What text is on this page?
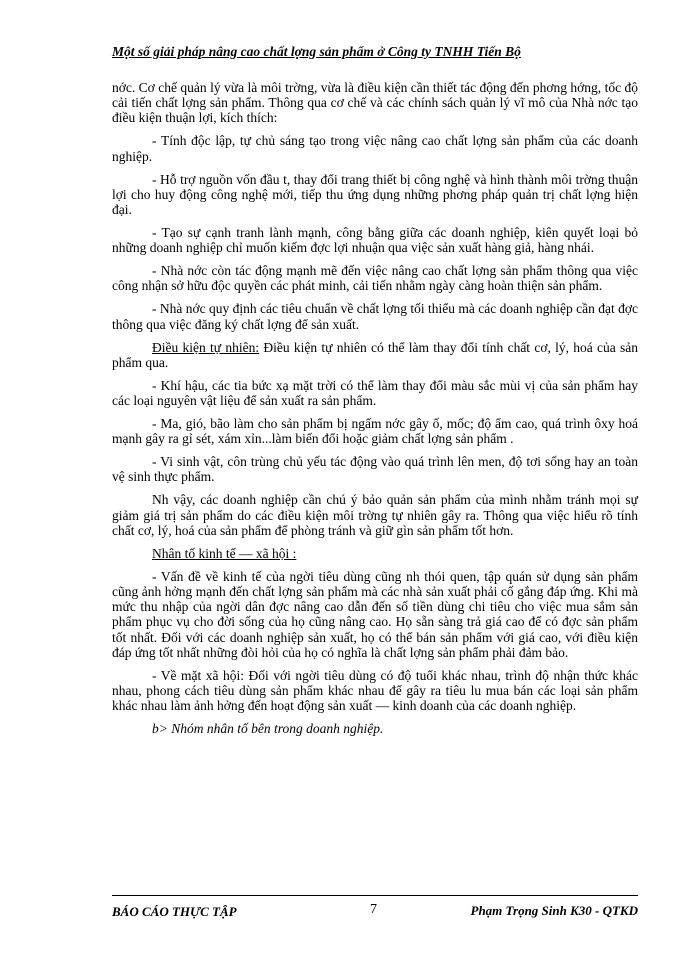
Một số giải pháp nâng cao chất lợng sản phẩm ở Công ty TNHH Tiến Bộ

nớc. Cơ chế quản lý vừa là môi trờng, vừa là điều kiện cần thiết tác động đến phơng hớng, tốc độ cải tiến chất lợng sản phẩm. Thông qua cơ chế và các chính sách quản lý vĩ mô của Nhà nớc tạo điều kiện thuận lợi, kích thích:

- Tính độc lập, tự chủ sáng tạo trong việc nâng cao chất lợng sản phẩm của các doanh nghiệp.

- Hỗ trợ nguồn vốn đầu t, thay đổi trang thiết bị công nghệ và hình thành môi trờng thuận lợi cho huy động công nghệ mới, tiếp thu ứng dụng những phơng pháp quản trị chất lợng hiện đại.

- Tạo sự cạnh tranh lành mạnh, công bằng giữa các doanh nghiệp, kiên quyết loại bỏ những doanh nghiệp chỉ muốn kiếm đợc lợi nhuận qua việc sản xuất hàng giả, hàng nhái.

- Nhà nớc còn tác động mạnh mẽ đến việc nâng cao chất lợng sản phẩm thông qua việc công nhận sở hữu độc quyền các phát minh, cải tiến nhằm ngày càng hoàn thiện sản phẩm.

- Nhà nớc quy định các tiêu chuẩn về chất lợng tối thiểu mà các doanh nghiệp cần đạt đợc thông qua việc đăng ký chất lợng để sản xuất.

Điều kiện tự nhiên: Điều kiện tự nhiên có thể làm thay đổi tính chất cơ, lý, hoá của sản phẩm qua.

- Khí hậu, các tia bức xạ mặt trời có thể làm thay đổi màu sắc mùi vị của sản phẩm hay các loại nguyên vật liệu để sản xuất ra sản phẩm.

- Ma, gió, bão làm cho sản phẩm bị ngấm nớc gây ố, mốc; độ ẩm cao, quá trình ôxy hoá mạnh gây ra gỉ sét, xám xỉn...làm biến đổi hoặc giảm chất lợng sản phẩm .

- Vi sinh vật, côn trùng chủ yếu tác động vào quá trình lên men, độ tơi sống hay an toàn vệ sinh thực phẩm.

Nh vậy, các doanh nghiệp cần chú ý bảo quản sản phẩm của mình nhằm tránh mọi sự giảm giá trị sản phẩm do các điều kiện môi trờng tự nhiên gây ra. Thông qua việc hiểu rõ tính chất cơ, lý, hoá của sản phẩm để phòng tránh và giữ gìn sản phẩm tốt hơn.

Nhân tố kinh tế — xã hội :

- Vấn đề về kinh tế của ngời tiêu dùng cũng nh thói quen, tập quán sử dụng sản phẩm cũng ảnh hởng mạnh đến chất lợng sản phẩm mà các nhà sản xuất phải cố gắng đáp ứng. Khi mà mức thu nhập của ngời dân đợc nâng cao dẫn đến số tiền dùng chi tiêu cho việc mua sắm sản phẩm phục vụ cho đời sống của họ cũng nâng cao. Họ sẵn sàng trả giá cao để có đợc sản phẩm tốt nhất. Đối với các doanh nghiệp sản xuất, họ có thể bán sản phẩm với giá cao, với điều kiện đáp ứng tốt nhất những đòi hỏi của họ có nghĩa là chất lợng sản phẩm phải đảm bảo.

- Về mặt xã hội: Đối với ngời tiêu dùng có độ tuổi khác nhau, trình độ nhận thức khác nhau, phong cách tiêu dùng sản phẩm khác nhau để gây ra tiêu lu mua bán các loại sản phẩm khác nhau làm ảnh hởng đến hoạt động sản xuất — kinh doanh của các doanh nghiệp.

b> Nhóm nhân tố bên trong doanh nghiệp.

BÁO CÁO THỰC TẬP	7	Phạm Trọng Sinh K30 - QTKD
